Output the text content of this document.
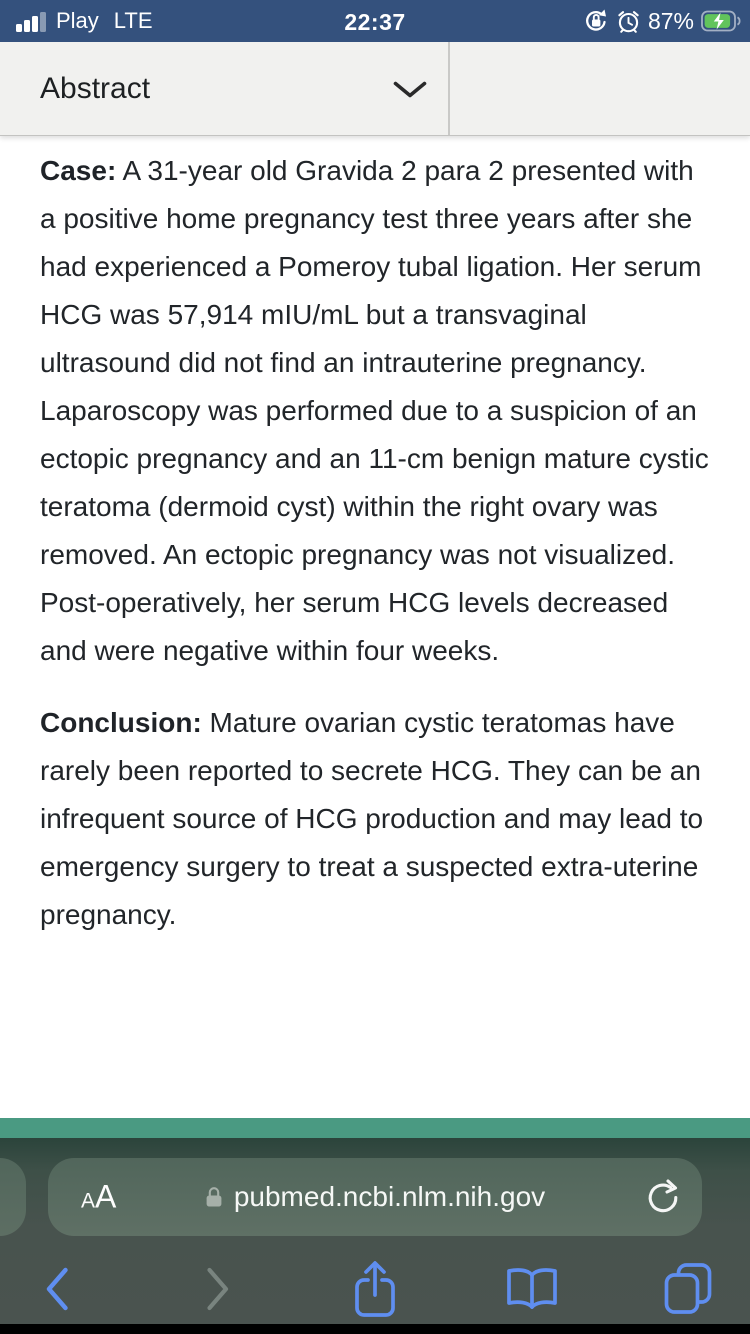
Play LTE	22:37	87%
Abstract

Case: A 31-year old Gravida 2 para 2 presented with a positive home pregnancy test three years after she had experienced a Pomeroy tubal ligation. Her serum HCG was 57,914 mIU/mL but a transvaginal ultrasound did not find an intrauterine pregnancy. Laparoscopy was performed due to a suspicion of an ectopic pregnancy and an 11-cm benign mature cystic teratoma (dermoid cyst) within the right ovary was removed. An ectopic pregnancy was not visualized. Post-operatively, her serum HCG levels decreased and were negative within four weeks.

Conclusion: Mature ovarian cystic teratomas have rarely been reported to secrete HCG. They can be an infrequent source of HCG production and may lead to emergency surgery to treat a suspected extra-uterine pregnancy.

A A	pubmed.ncbi.nlm.nih.gov
